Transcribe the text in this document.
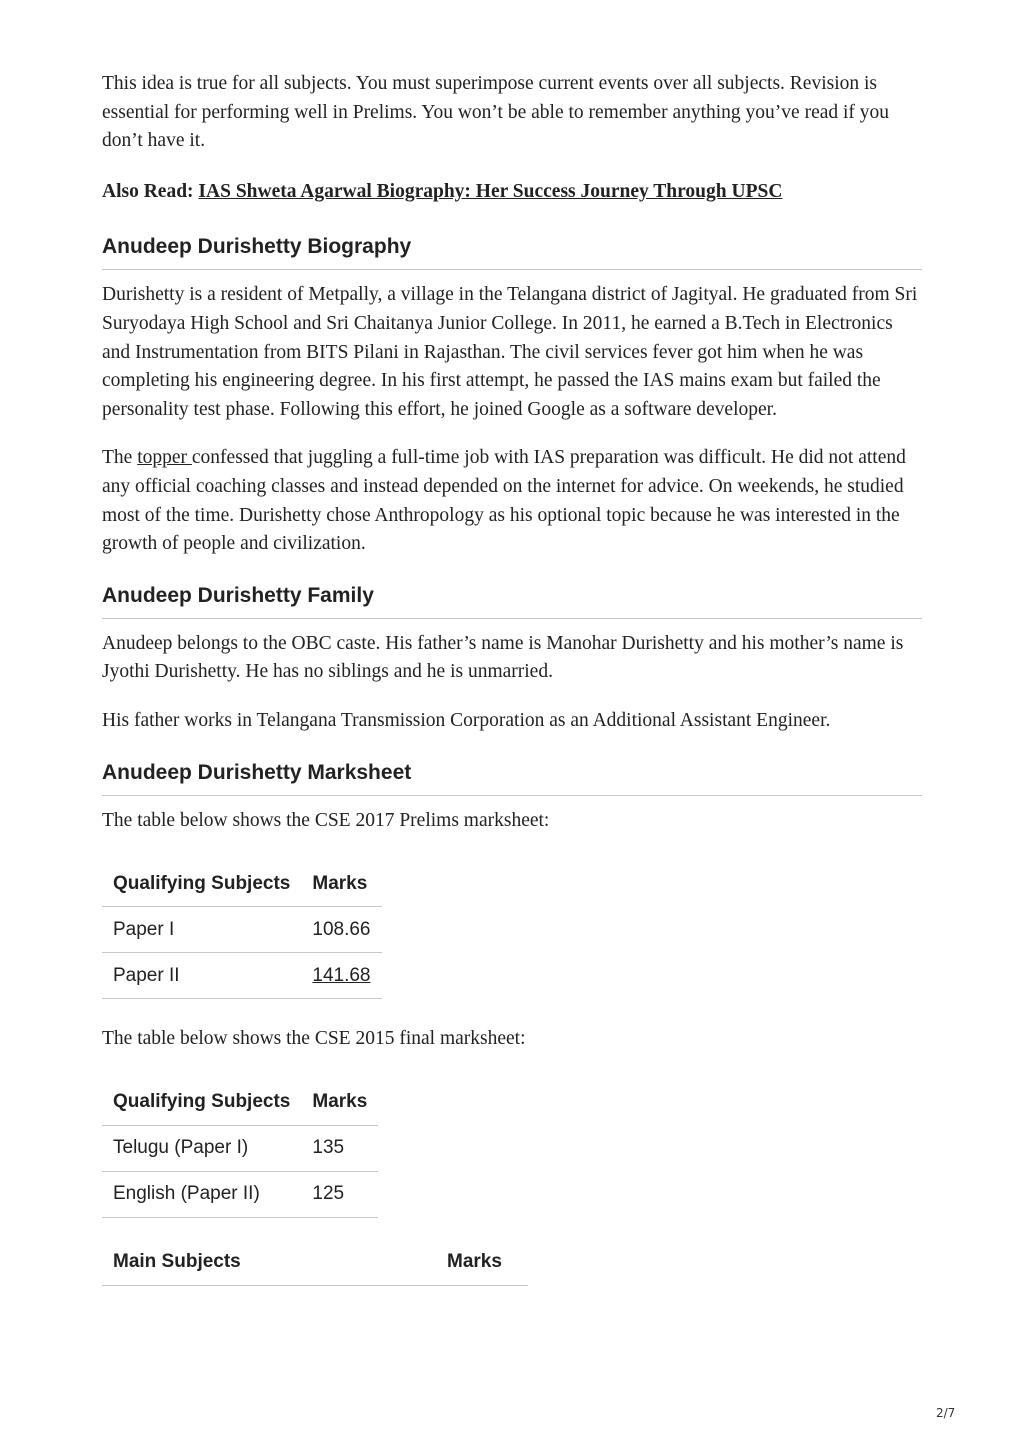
This idea is true for all subjects. You must superimpose current events over all subjects. Revision is essential for performing well in Prelims. You won’t be able to remember anything you’ve read if you don’t have it.

Also Read: IAS Shweta Agarwal Biography: Her Success Journey Through UPSC

Anudeep Durishetty Biography

Durishetty is a resident of Metpally, a village in the Telangana district of Jagityal. He graduated from Sri Suryodaya High School and Sri Chaitanya Junior College. In 2011, he earned a B.Tech in Electronics and Instrumentation from BITS Pilani in Rajasthan. The civil services fever got him when he was completing his engineering degree. In his first attempt, he passed the IAS mains exam but failed the personality test phase. Following this effort, he joined Google as a software developer.

The topper confessed that juggling a full-time job with IAS preparation was difficult. He did not attend any official coaching classes and instead depended on the internet for advice. On weekends, he studied most of the time. Durishetty chose Anthropology as his optional topic because he was interested in the growth of people and civilization.

Anudeep Durishetty Family

Anudeep belongs to the OBC caste. His father’s name is Manohar Durishetty and his mother’s name is Jyothi Durishetty. He has no siblings and he is unmarried.

His father works in Telangana Transmission Corporation as an Additional Assistant Engineer.

Anudeep Durishetty Marksheet

The table below shows the CSE 2017 Prelims marksheet:

Qualifying Subjects	Marks
Paper I	108.66
Paper II	141.68

The table below shows the CSE 2015 final marksheet:

Qualifying Subjects	Marks
Telugu (Paper I)	135
English (Paper II)	125
Main Subjects	Marks
2/7
